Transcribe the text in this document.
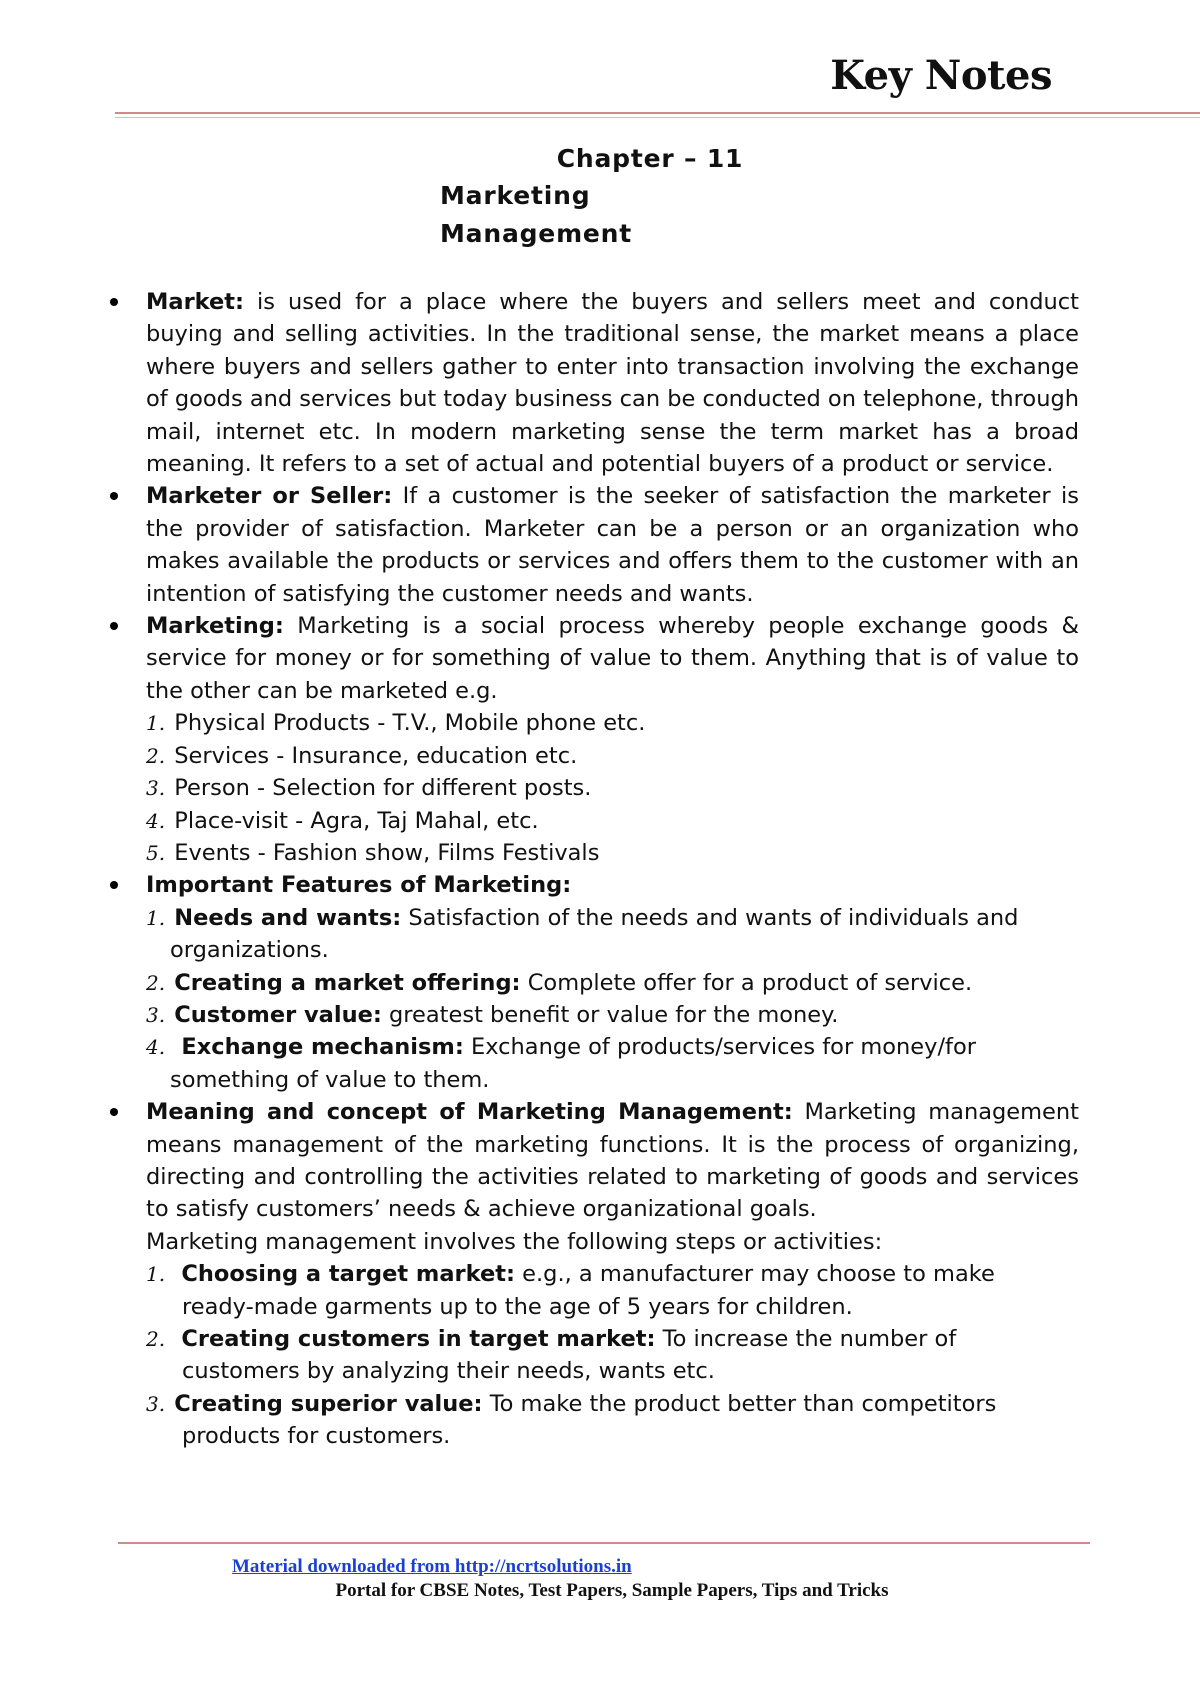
Key Notes
Chapter – 11
Marketing
Management

Market: is used for a place where the buyers and sellers meet and conduct buying and selling activities. In the traditional sense, the market means a place where buyers and sellers gather to enter into transaction involving the exchange of goods and services but today business can be conducted on telephone, through mail, internet etc. In modern marketing sense the term market has a broad meaning. It refers to a set of actual and potential buyers of a product or service.

Marketer or Seller: If a customer is the seeker of satisfaction the marketer is the provider of satisfaction. Marketer can be a person or an organization who makes available the products or services and offers them to the customer with an intention of satisfying the customer needs and wants.

Marketing: Marketing is a social process whereby people exchange goods & service for money or for something of value to them. Anything that is of value to the other can be marketed e.g.

1. Physical Products - T.V., Mobile phone etc.

2. Services - Insurance, education etc.

3. Person - Selection for different posts.

4. Place-visit - Agra, Taj Mahal, etc.

5. Events - Fashion show, Films Festivals

Important Features of Marketing:

1. Needs and wants: Satisfaction of the needs and wants of individuals and

organizations.

2. Creating a market offering: Complete offer for a product of service.

3. Customer value: greatest benefit or value for the money.

4. Exchange mechanism: Exchange of products/services for money/for

something of value to them.

Meaning and concept of Marketing Management: Marketing management means management of the marketing functions. It is the process of organizing, directing and controlling the activities related to marketing of goods and services to satisfy customers’ needs & achieve organizational goals.

Marketing management involves the following steps or activities:

1. Choosing a target market: e.g., a manufacturer may choose to make

ready-made garments up to the age of 5 years for children.

2. Creating customers in target market: To increase the number of

customers by analyzing their needs, wants etc.

3. Creating superior value: To make the product better than competitors

products for customers.

Material downloaded from http://ncrtsolutions.in
Portal for CBSE Notes, Test Papers, Sample Papers, Tips and Tricks
